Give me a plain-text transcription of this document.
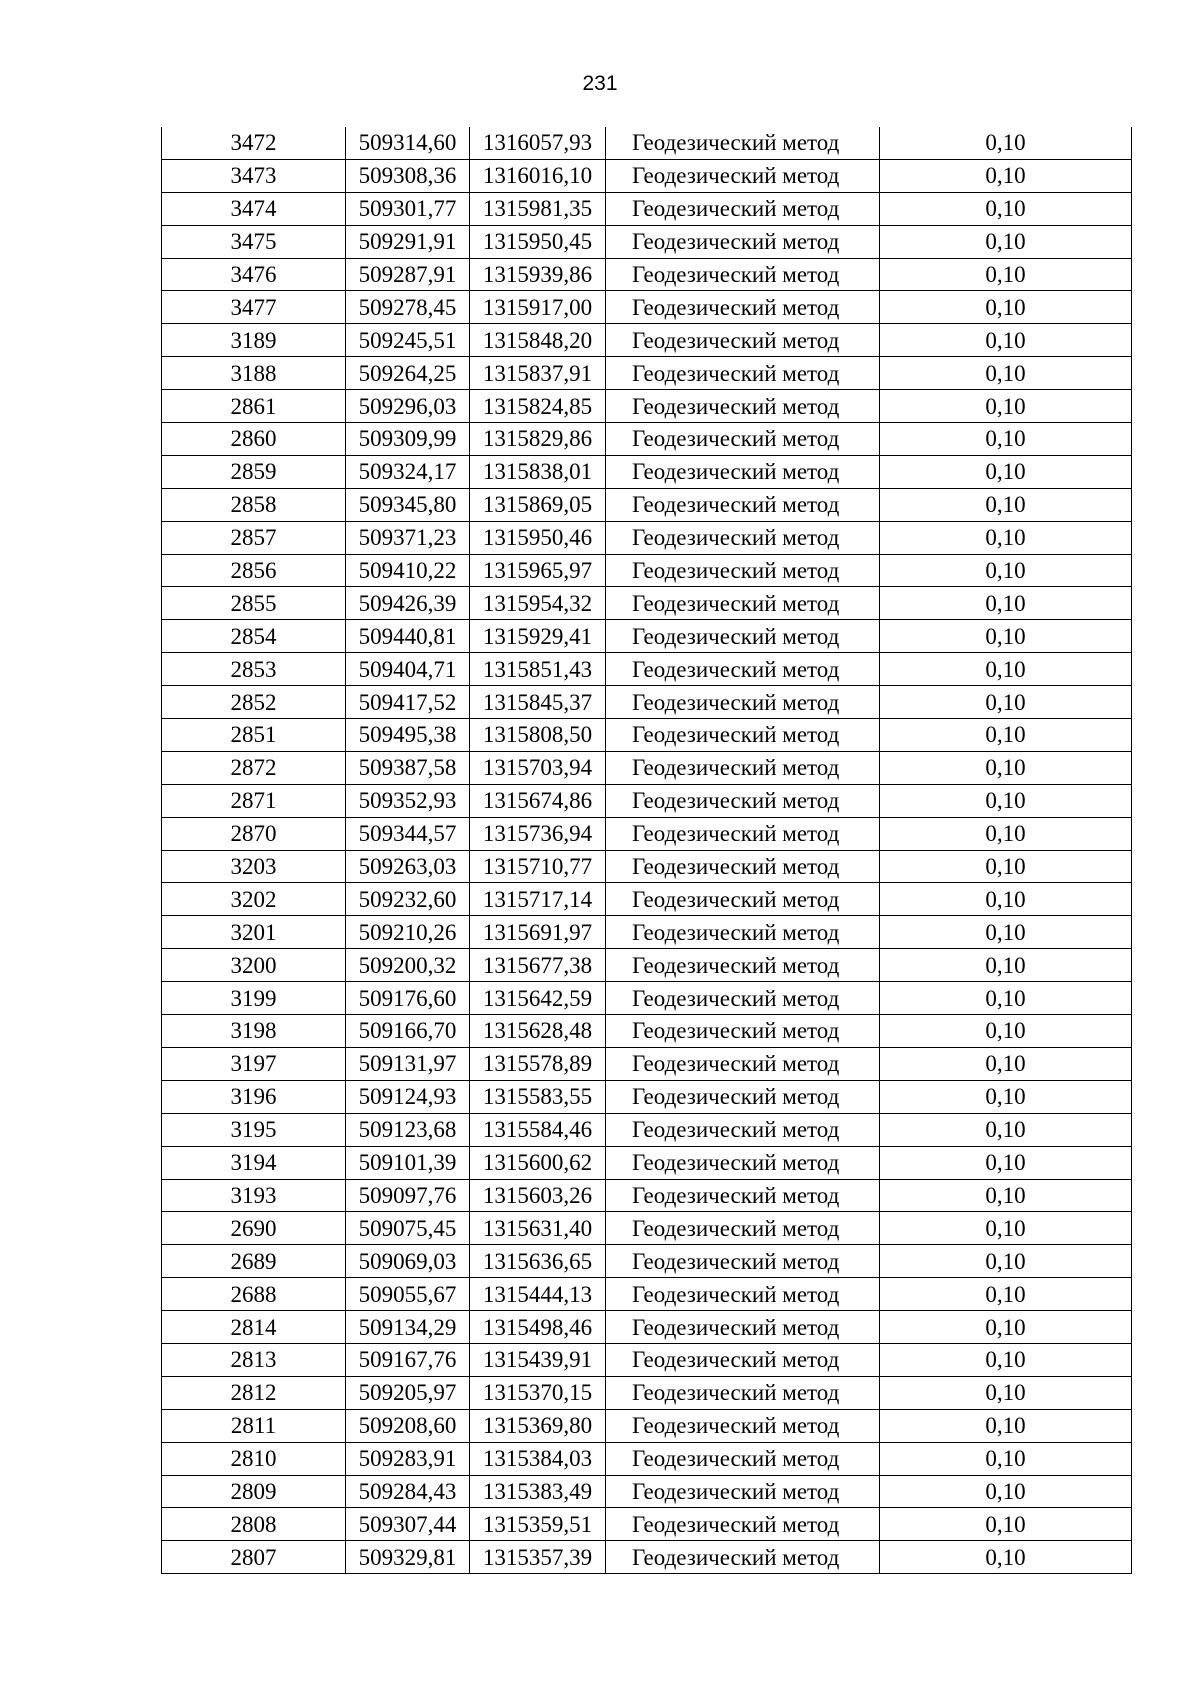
231
3472	509314,60	1316057,93	Геодезический метод	0,10
3473	509308,36	1316016,10	Геодезический метод	0,10
3474	509301,77	1315981,35	Геодезический метод	0,10
3475	509291,91	1315950,45	Геодезический метод	0,10
3476	509287,91	1315939,86	Геодезический метод	0,10
3477	509278,45	1315917,00	Геодезический метод	0,10
3189	509245,51	1315848,20	Геодезический метод	0,10
3188	509264,25	1315837,91	Геодезический метод	0,10
2861	509296,03	1315824,85	Геодезический метод	0,10
2860	509309,99	1315829,86	Геодезический метод	0,10
2859	509324,17	1315838,01	Геодезический метод	0,10
2858	509345,80	1315869,05	Геодезический метод	0,10
2857	509371,23	1315950,46	Геодезический метод	0,10
2856	509410,22	1315965,97	Геодезический метод	0,10
2855	509426,39	1315954,32	Геодезический метод	0,10
2854	509440,81	1315929,41	Геодезический метод	0,10
2853	509404,71	1315851,43	Геодезический метод	0,10
2852	509417,52	1315845,37	Геодезический метод	0,10
2851	509495,38	1315808,50	Геодезический метод	0,10
2872	509387,58	1315703,94	Геодезический метод	0,10
2871	509352,93	1315674,86	Геодезический метод	0,10
2870	509344,57	1315736,94	Геодезический метод	0,10
3203	509263,03	1315710,77	Геодезический метод	0,10
3202	509232,60	1315717,14	Геодезический метод	0,10
3201	509210,26	1315691,97	Геодезический метод	0,10
3200	509200,32	1315677,38	Геодезический метод	0,10
3199	509176,60	1315642,59	Геодезический метод	0,10
3198	509166,70	1315628,48	Геодезический метод	0,10
3197	509131,97	1315578,89	Геодезический метод	0,10
3196	509124,93	1315583,55	Геодезический метод	0,10
3195	509123,68	1315584,46	Геодезический метод	0,10
3194	509101,39	1315600,62	Геодезический метод	0,10
3193	509097,76	1315603,26	Геодезический метод	0,10
2690	509075,45	1315631,40	Геодезический метод	0,10
2689	509069,03	1315636,65	Геодезический метод	0,10
2688	509055,67	1315444,13	Геодезический метод	0,10
2814	509134,29	1315498,46	Геодезический метод	0,10
2813	509167,76	1315439,91	Геодезический метод	0,10
2812	509205,97	1315370,15	Геодезический метод	0,10
2811	509208,60	1315369,80	Геодезический метод	0,10
2810	509283,91	1315384,03	Геодезический метод	0,10
2809	509284,43	1315383,49	Геодезический метод	0,10
2808	509307,44	1315359,51	Геодезический метод	0,10
2807	509329,81	1315357,39	Геодезический метод	0,10
